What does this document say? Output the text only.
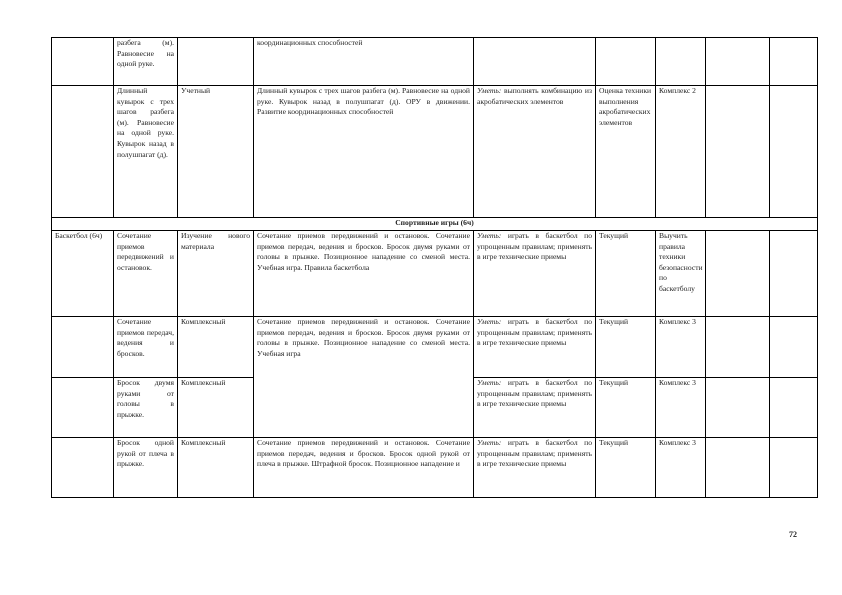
	разбега (м). Равновесие на одной руке.		координационных способностей					
	Длинный кувырок с трех шагов разбега (м). Равновесие на одной руке. Кувырок назад в полушпагат (д).	Учетный	Длинный кувырок с трех шагов разбега (м). Равновесие на одной руке. Кувырок назад в полушпагат (д). ОРУ в движении. Развитие координационных способностей	Уметь: выполнять комбинацию из акробатических элементов	Оценка техники выполнения акробатических элементов	Комплекс 2		
Спортивные игры (6ч)								
Баскетбол (6ч)	Сочетание приемов передвижений и остановок.	Изучение нового материала	Сочетание приемов передвижений и остановок. Сочетание приемов передач, ведения и бросков. Бросок двумя руками от головы в прыжке. Позиционное нападение со сменой места. Учебная игра. Правила баскетбола	Уметь: играть в баскетбол по упрощенным правилам; применять в игре технические приемы	Текущий	Выучить правила техники безопасности по баскетболу		
	Сочетание приемов передач, ведения и бросков.	Комплексный	Сочетание приемов передвижений и остановок. Сочетание приемов передач, ведения и бросков. Бросок двумя руками от головы в прыжке. Позиционное нападение со сменой места. Учебная игра	Уметь: играть в баскетбол по упрощенным правилам; применять в игре технические приемы	Текущий	Комплекс 3		
	Бросок двумя руками от головы в прыжке.	Комплексный		Уметь: играть в баскетбол по упрощенным правилам; применять в игре технические приемы	Текущий	Комплекс 3		
	Бросок одной рукой от плеча в прыжке.	Комплексный	Сочетание приемов передвижений и остановок. Сочетание приемов передач, ведения и бросков. Бросок одной рукой от плеча в прыжке. Штрафной бросок. Позиционное нападение и	Уметь: играть в баскетбол по упрощенным правилам; применять в игре технические приемы	Текущий	Комплекс 3		
72
